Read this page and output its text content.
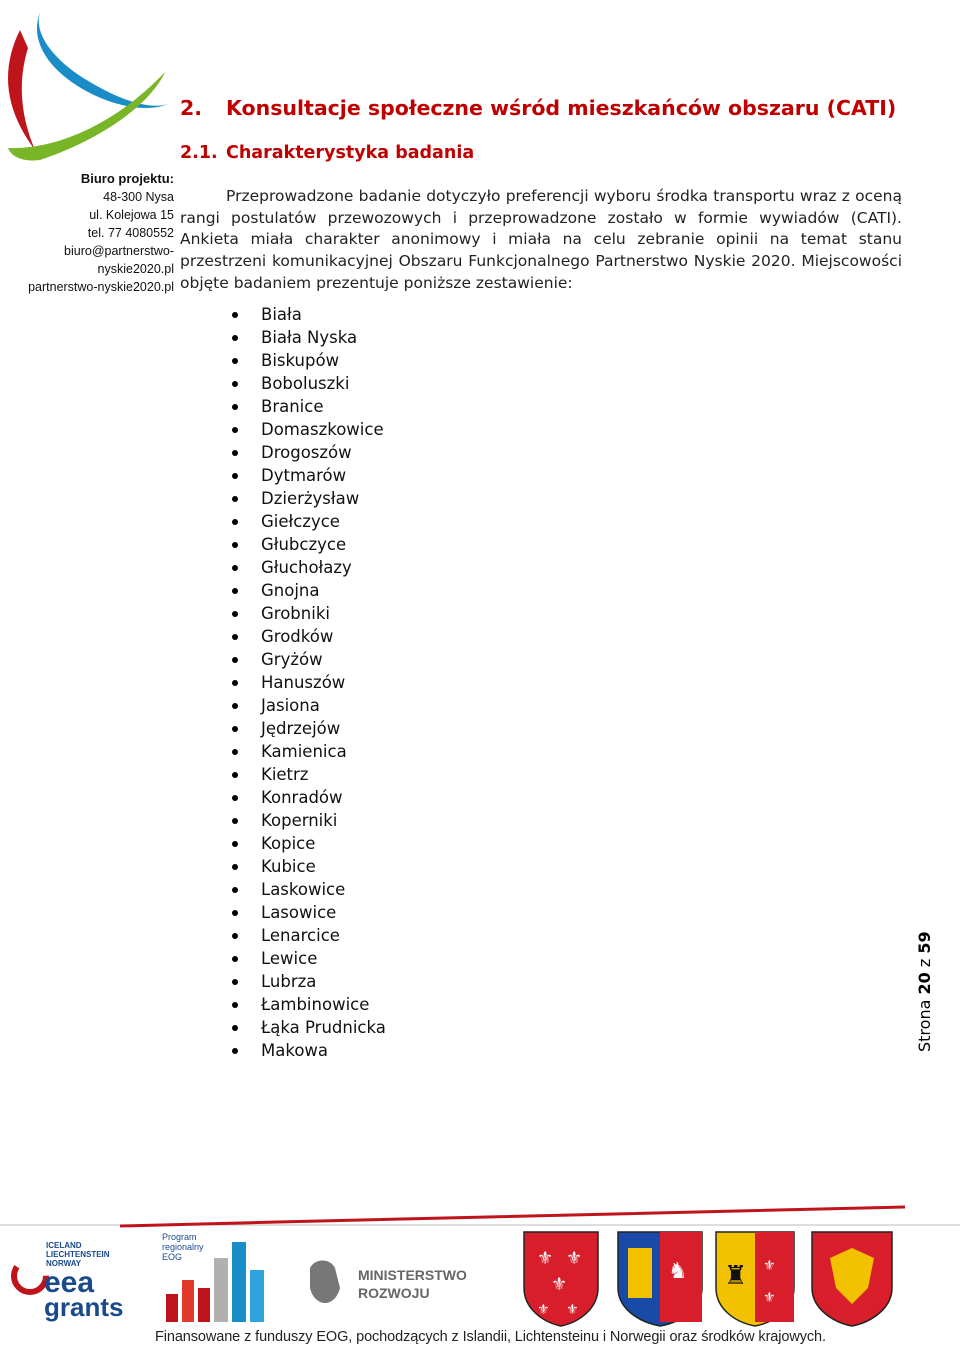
Biuro projektu:
48-300 Nysa
ul. Kolejowa 15
tel. 77 4080552
biuro@partnerstwo-nyskie2020.pl
partnerstwo-nyskie2020.pl
2. Konsultacje społeczne wśród mieszkańców obszaru (CATI)
2.1. Charakterystyka badania
Przeprowadzone badanie dotyczyło preferencji wyboru środka transportu wraz z oceną rangi postulatów przewozowych i przeprowadzone zostało w formie wywiadów (CATI). Ankieta miała charakter anonimowy i miała na celu zebranie opinii na temat stanu przestrzeni komunikacyjnej Obszaru Funkcjonalnego Partnerstwo Nyskie 2020. Miejscowości objęte badaniem prezentuje poniższe zestawienie:
Biała
Biała Nyska
Biskupów
Boboluszki
Branice
Domaszkowice
Drogoszów
Dytmarów
Dzierżysław
Giełczyce
Głubczyce
Głuchołazy
Gnojna
Grobniki
Grodków
Gryżów
Hanuszów
Jasiona
Jędrzejów
Kamienica
Kietrz
Konradów
Koperniki
Kopice
Kubice
Laskowice
Lasowice
Lenarcice
Lewice
Lubrza
Łambinowice
Łąka Prudnicka
Makowa	Strona 20 z 59
ICELAND
LIECHTENSTEIN
NORWAY
eea
grants
Program
regionalny
EOG
MINISTERSTWO
ROZWOJU
⚜ ⚜
⚜
⚜ ⚜
♞ ♜ ⚜
⚜
Finansowane z funduszy EOG, pochodzących z Islandii, Lichtensteinu i Norwegii oraz środków krajowych.
